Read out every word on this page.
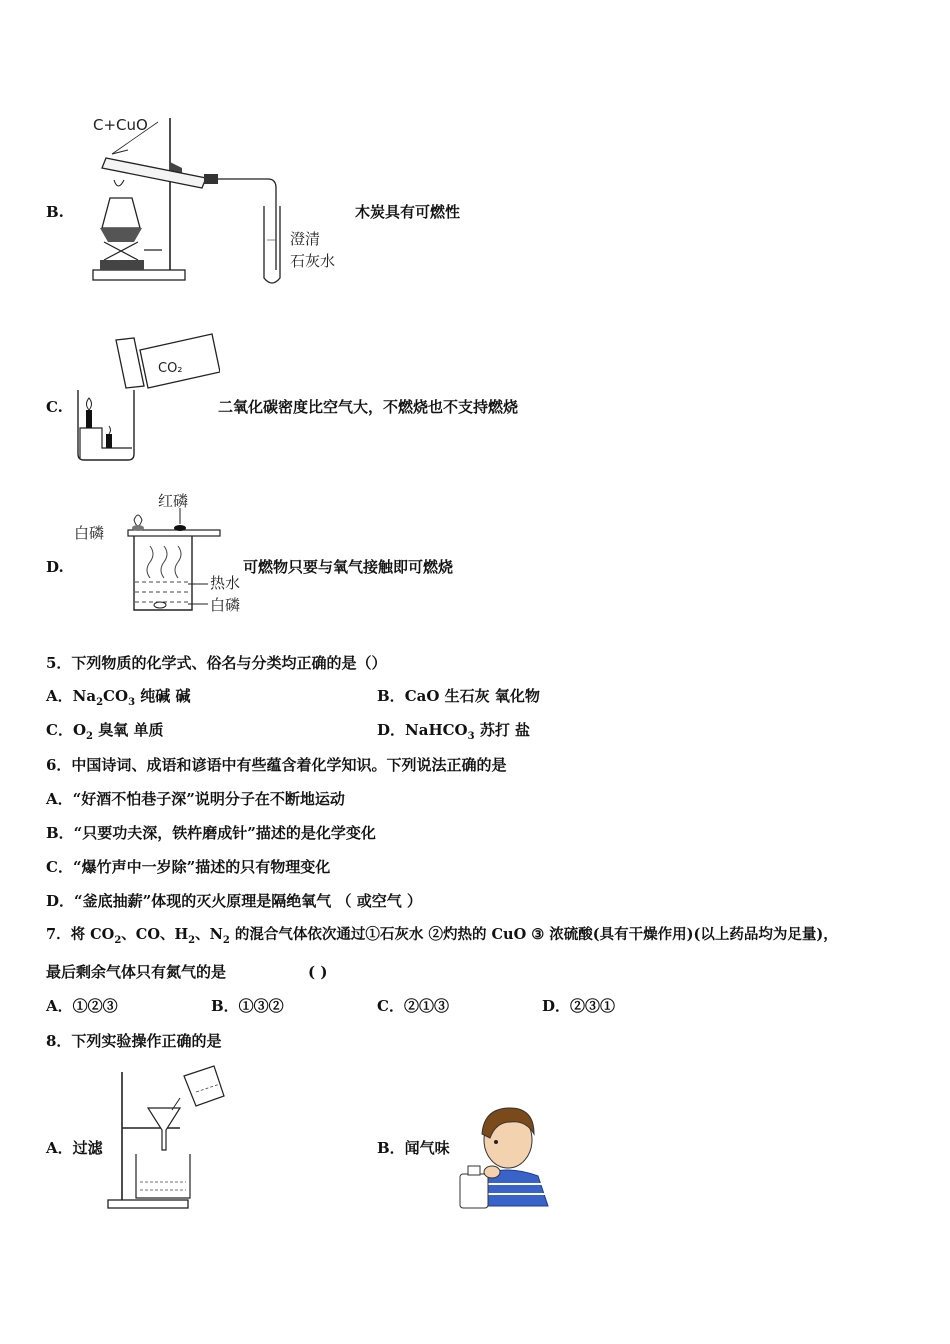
B.
C+CuO
澄清
石灰水
木炭具有可燃性
C.
CO₂
二氧化碳密度比空气大，不燃烧也不支持燃烧
D.
红磷
白磷
热水
白磷
可燃物只要与氧气接触即可燃烧
5．下列物质的化学式、俗名与分类均正确的是（）
A．$Na_2CO_3$ 纯碱 碱	B．CaO 生石灰 氧化物
C．$O_2$ 臭氧 单质	D．NaHCO$_3$ 苏打 盐
6．中国诗词、成语和谚语中有些蕴含着化学知识。下列说法正确的是
A．“好酒不怕巷子深”说明分子在不断地运动
B．“只要功夫深，铁杵磨成针”描述的是化学变化
C．“爆竹声中一岁除”描述的只有物理变化
D．“釜底抽薪”体现的灭火原理是隔绝氧气 （ 或空气 ）
7．将 $CO_2$、CO、$H_2$、$N_2$ 的混合气体依次通过①石灰水 ②灼热的 CuO ③ 浓硫酸(具有干燥作用)(以上药品均为足量)，
最后剩余气体只有氮气的是	( )
A．①②③	B．①③②	C．②①③	D．②③①
8．下列实验操作正确的是
A．过滤	B．闻气味
